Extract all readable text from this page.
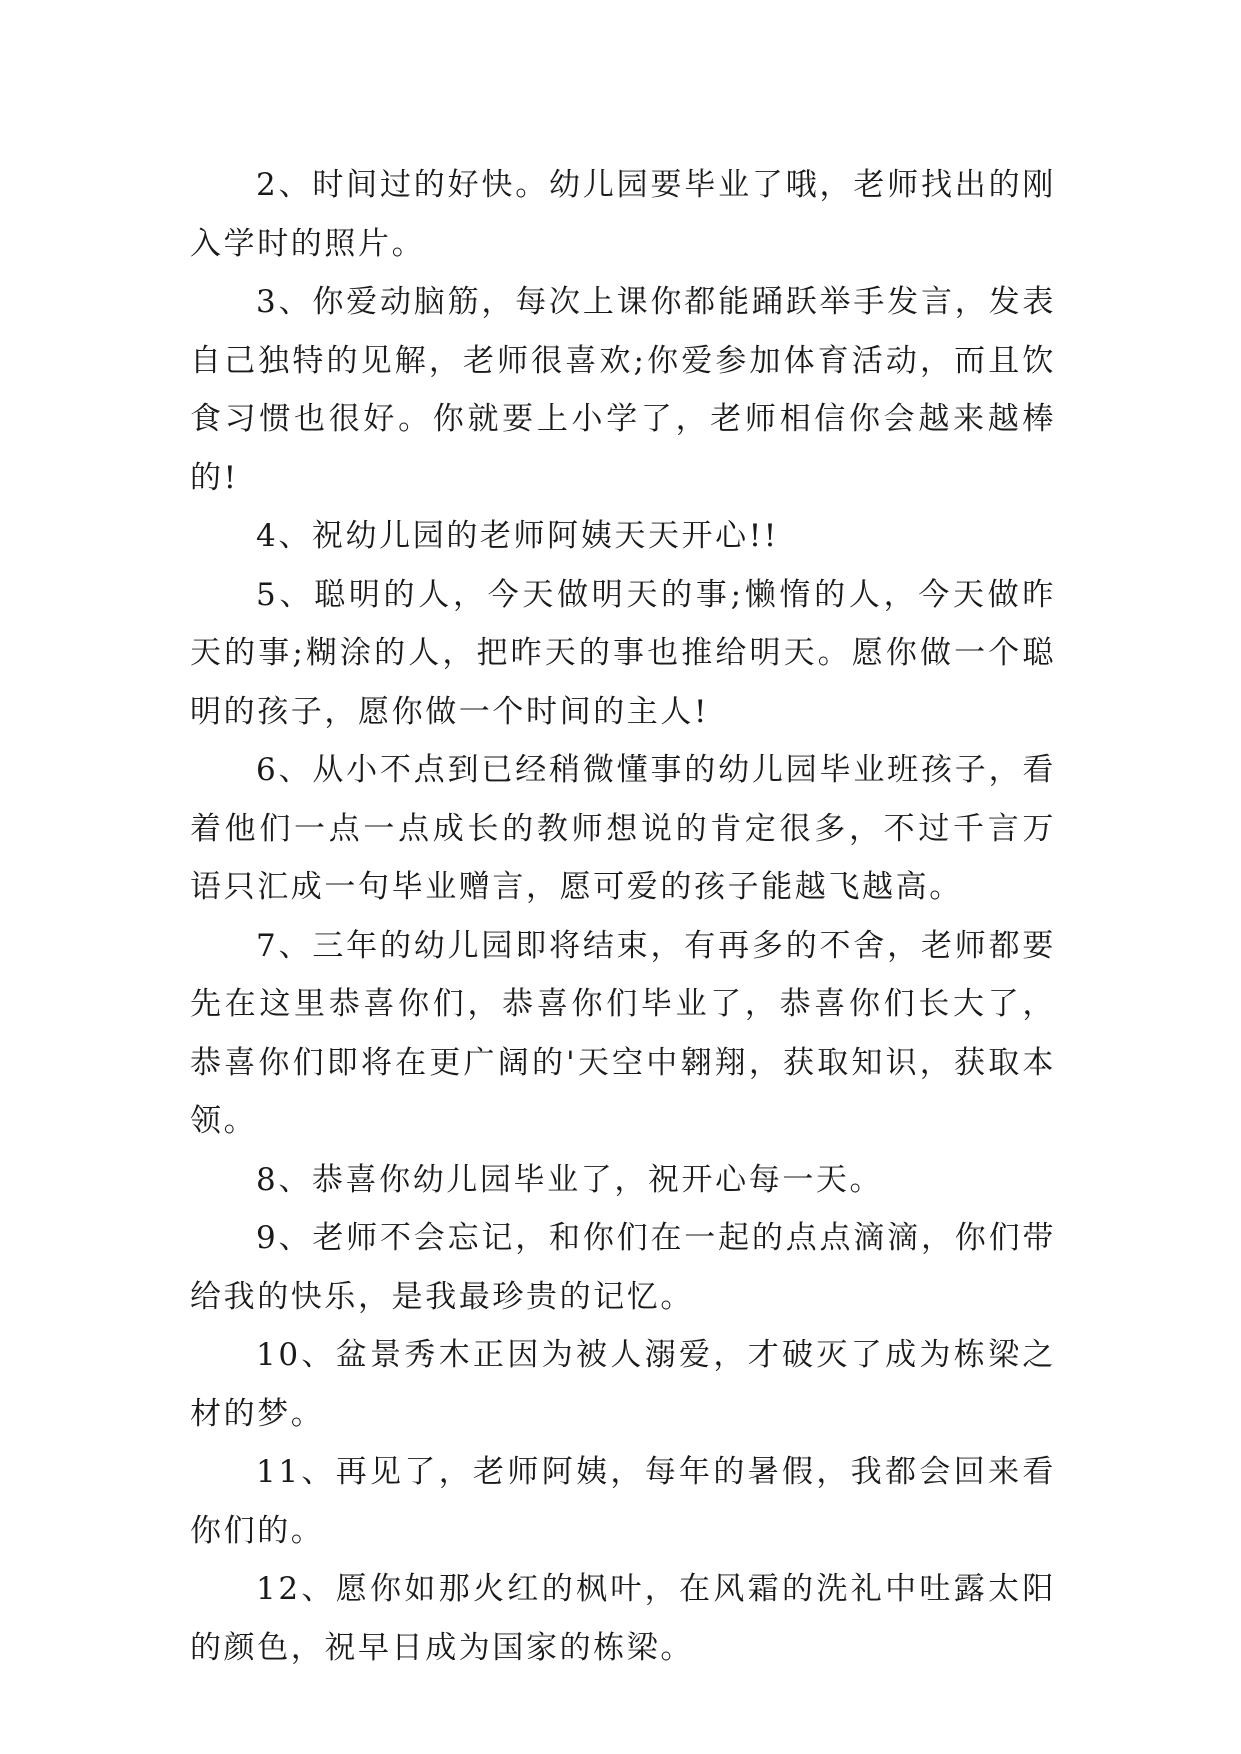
2、时间过的好快。幼儿园要毕业了哦，老师找出的刚入学时的照片。

3、你爱动脑筋，每次上课你都能踊跃举手发言，发表自己独特的见解，老师很喜欢;你爱参加体育活动，而且饮食习惯也很好。你就要上小学了，老师相信你会越来越棒的!

4、祝幼儿园的老师阿姨天天开心!!

5、聪明的人，今天做明天的事;懒惰的人，今天做昨天的事;糊涂的人，把昨天的事也推给明天。愿你做一个聪明的孩子，愿你做一个时间的主人!

6、从小不点到已经稍微懂事的幼儿园毕业班孩子，看着他们一点一点成长的教师想说的肯定很多，不过千言万语只汇成一句毕业赠言，愿可爱的孩子能越飞越高。

7、三年的幼儿园即将结束，有再多的不舍，老师都要先在这里恭喜你们，恭喜你们毕业了，恭喜你们长大了，恭喜你们即将在更广阔的'天空中翱翔，获取知识，获取本领。

8、恭喜你幼儿园毕业了，祝开心每一天。

9、老师不会忘记，和你们在一起的点点滴滴，你们带给我的快乐，是我最珍贵的记忆。

10、盆景秀木正因为被人溺爱，才破灭了成为栋梁之材的梦。

11、再见了，老师阿姨，每年的暑假，我都会回来看你们的。

12、愿你如那火红的枫叶，在风霜的洗礼中吐露太阳的颜色，祝早日成为国家的栋梁。
